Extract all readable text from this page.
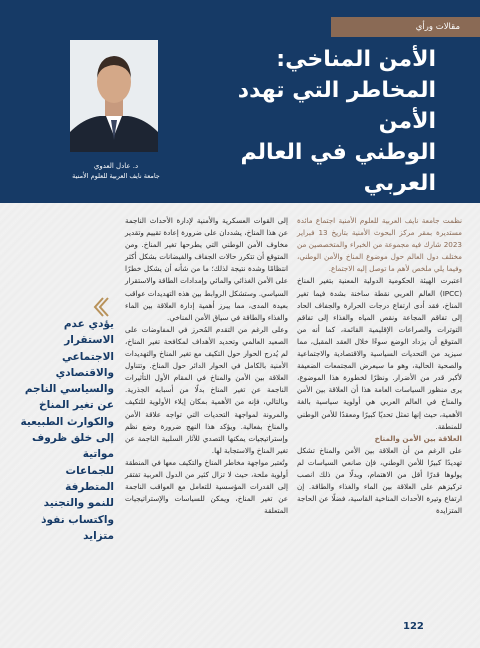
مقالات ورأي
د. عادل العدوي
جامعة نايف العربية للعلوم الأمنية
الأمن المناخي:
المخاطر التي تهدد الأمن
الوطني في العالم العربي

نظمت جامعة نايف العربية للعلوم الأمنية اجتماع مائدة مستديرة بمقر مركز البحوث الأمنية بتاريخ 13 فبراير 2023 شارك فيه مجموعة من الخبراء والمتخصصين من مختلف دول العالم حول موضوع المناخ والأمن الوطني، وفيما يلي ملخص لأهم ما توصل إليه الاجتماع.

اعتبرت الهيئة الحكومية الدولية المعنية بتغير المناخ (IPCC) العالم العربي نقطة ساخنة بشدة فيما تغير المناخ، فقد أدى ارتفاع درجات الحرارة والجفاف الحاد إلى تفاقم المجاعة ونقص المياه والغذاء إلى تفاقم التوترات والصراعات الإقليمية القائمة، كما أنه من المتوقع أن يزداد الوضع سوءًا خلال العقد المقبل، مما سيزيد من التحديات السياسية والاقتصادية والاجتماعية والصحية الحالية، وهو ما سيعرض المجتمعات الضعيفة لأكبر قدر من الأضرار. ونظرًا لخطورة هذا الموضوع، يرى منظور السياسات العامة هذا أن العلاقة بين الأمن والمناخ في العالم العربي هي أولوية سياسية بالغة الأهمية، حيث إنها تمثل تحديًا كبيرًا ومعقدًا للأمن الوطني للمنطقة.

العلاقة بين الأمن والمناخ

على الرغم من أن العلاقة بين الأمن والمناخ تشكل تهديدًا كبيرًا للأمن الوطني، فإن صانعي السياسات لم يولوها قدرًا أقل من الاهتمام، وبدلًا من ذلك انصب تركيزهم على العلاقة بين الماء والغذاء والطاقة. إن ارتفاع وتيرة الأحداث المناخية القاسية، فضلًا عن الحاجة المتزايدة

إلى القوات العسكرية والأمنية لإدارة الأحداث الناجمة عن هذا المناخ، يشددان على ضرورة إعادة تقييم وتقدير مخاوف الأمن الوطني التي يطرحها تغير المناخ. ومن المتوقع أن تتكرر حالات الجفاف والفيضانات بشكل أكثر انتظامًا وشدة نتيجة لذلك؛ ما من شأنه أن يشكل خطرًا على الأمن الغذائي والمائي وإمدادات الطاقة والاستقرار السياسي. وستشكل الروابط بين هذه التهديدات عواقب بعيدة المدى، مما يبرز أهمية إدارة العلاقة بين الماء والغذاء والطاقة في سياق الأمن المناخي.

وعلى الرغم من التقدم المُحرز في المفاوضات على الصعيد العالمي وتحديد الأهداف لمكافحة تغير المناخ، لم يُدرج الحوار حول التكيف مع تغير المناخ والتهديدات الأمنية بالكامل في الحوار الدائر حول المناخ. وتتناول العلاقة بين الأمن والمناخ في المقام الأول التأثيرات الناجمة عن تغير المناخ بدلًا من أسبابه الجذرية. وبالتالي، فإنه من الأهمية بمكان إيلاء الأولوية للتكيف والمرونة لمواجهة التحديات التي تواجه علاقة الأمن والمناخ بفعالية. ويؤكد هذا النهج ضرورة وضع نظم وإستراتيجيات يمكنها التصدي للآثار السلبية الناجمة عن تغير المناخ والاستجابة لها.

وتُعتبر مواجهة مخاطر المناخ والتكيف معها في المنطقة أولوية ملحة، حيث لا تزال كثير من الدول العربية تفتقر إلى القدرات المؤسسية للتعامل مع العواقب الناجمة عن تغير المناخ، ويمكن للسياسات والإستراتيجيات المتعلقة

يؤدي عدم
الاستقرار الاجتماعي
والاقتصادي
والسياسي الناجم
عن تغير المناخ
والكوارث الطبيعية
إلى خلق ظروف مواتية
للجماعات المتطرفة
للنمو والتجنيد
واكتساب نفوذ متزايد
122
